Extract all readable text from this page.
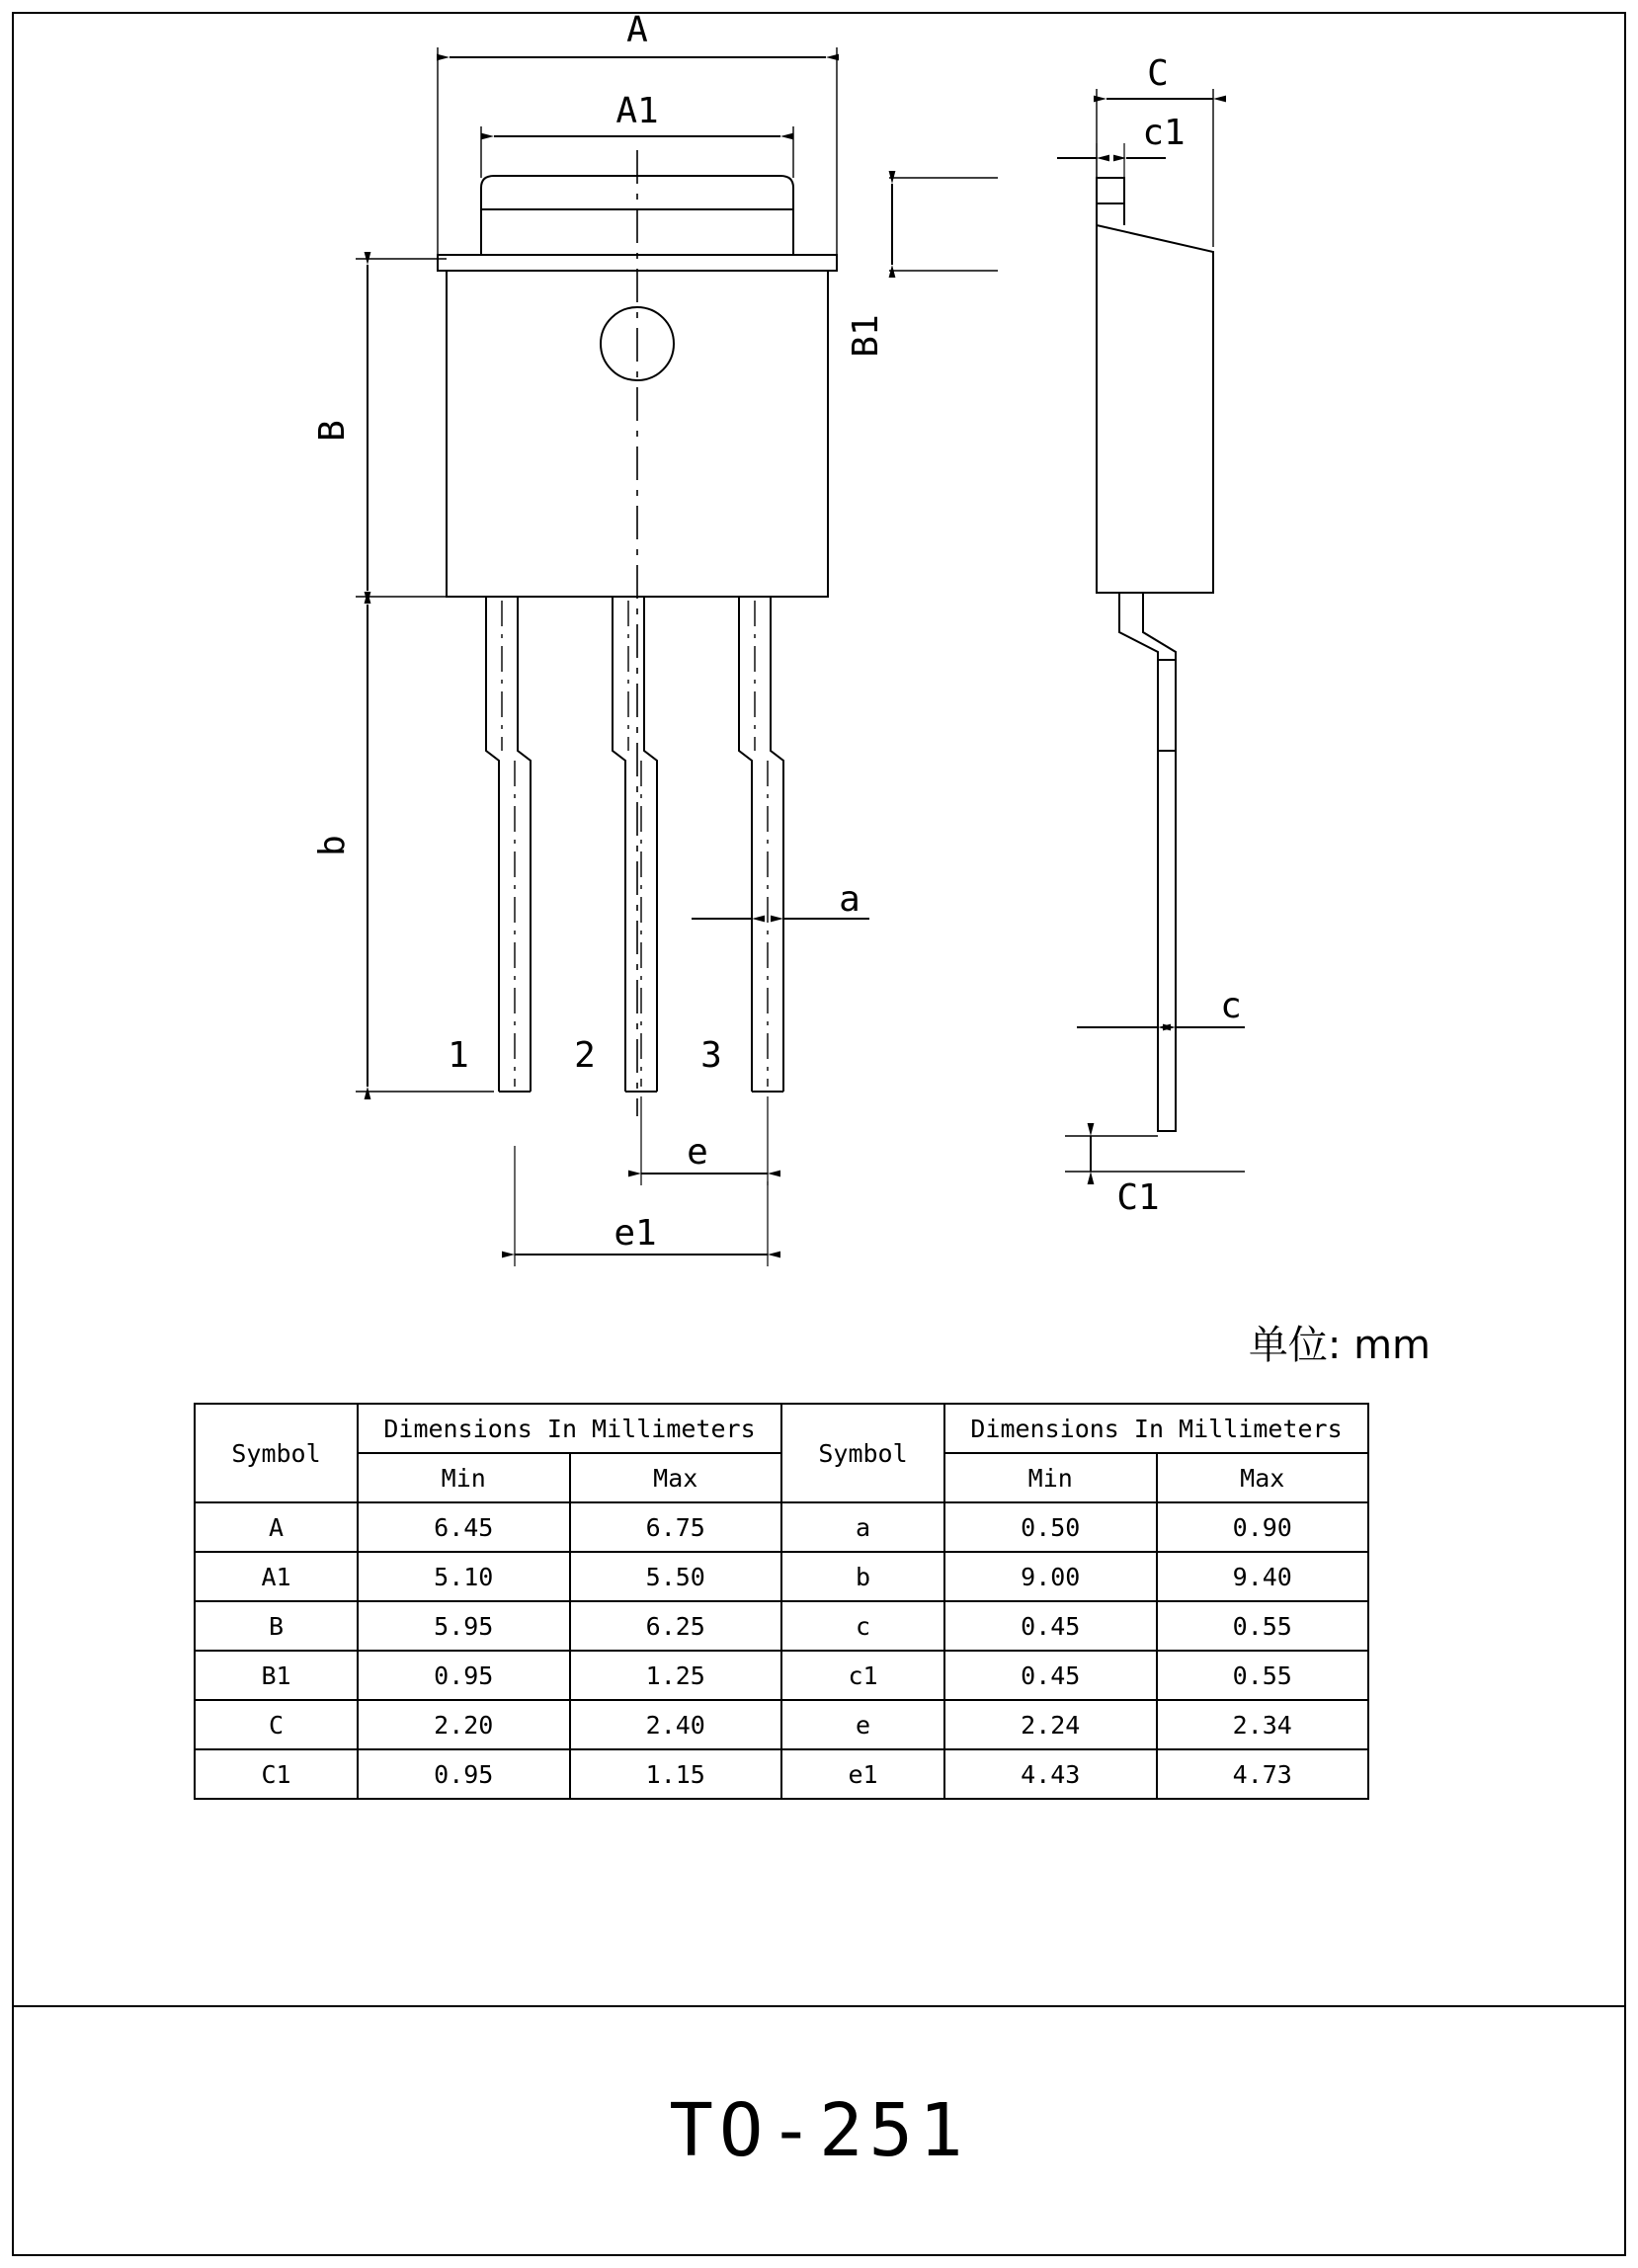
A
A1
B
b
B1
a
e
e1
C
c1
c
C1
1	2	3
单位: mm
Symbol	Dimensions In Millimeters		Symbol	Dimensions In Millimeters	
	Min	Max		Min	Max
A	6.45	6.75	a	0.50	0.90
A1	5.10	5.50	b	9.00	9.40
B	5.95	6.25	c	0.45	0.55
B1	0.95	1.25	c1	0.45	0.55
C	2.20	2.40	e	2.24	2.34
C1	0.95	1.15	e1	4.43	4.73
TO-251
